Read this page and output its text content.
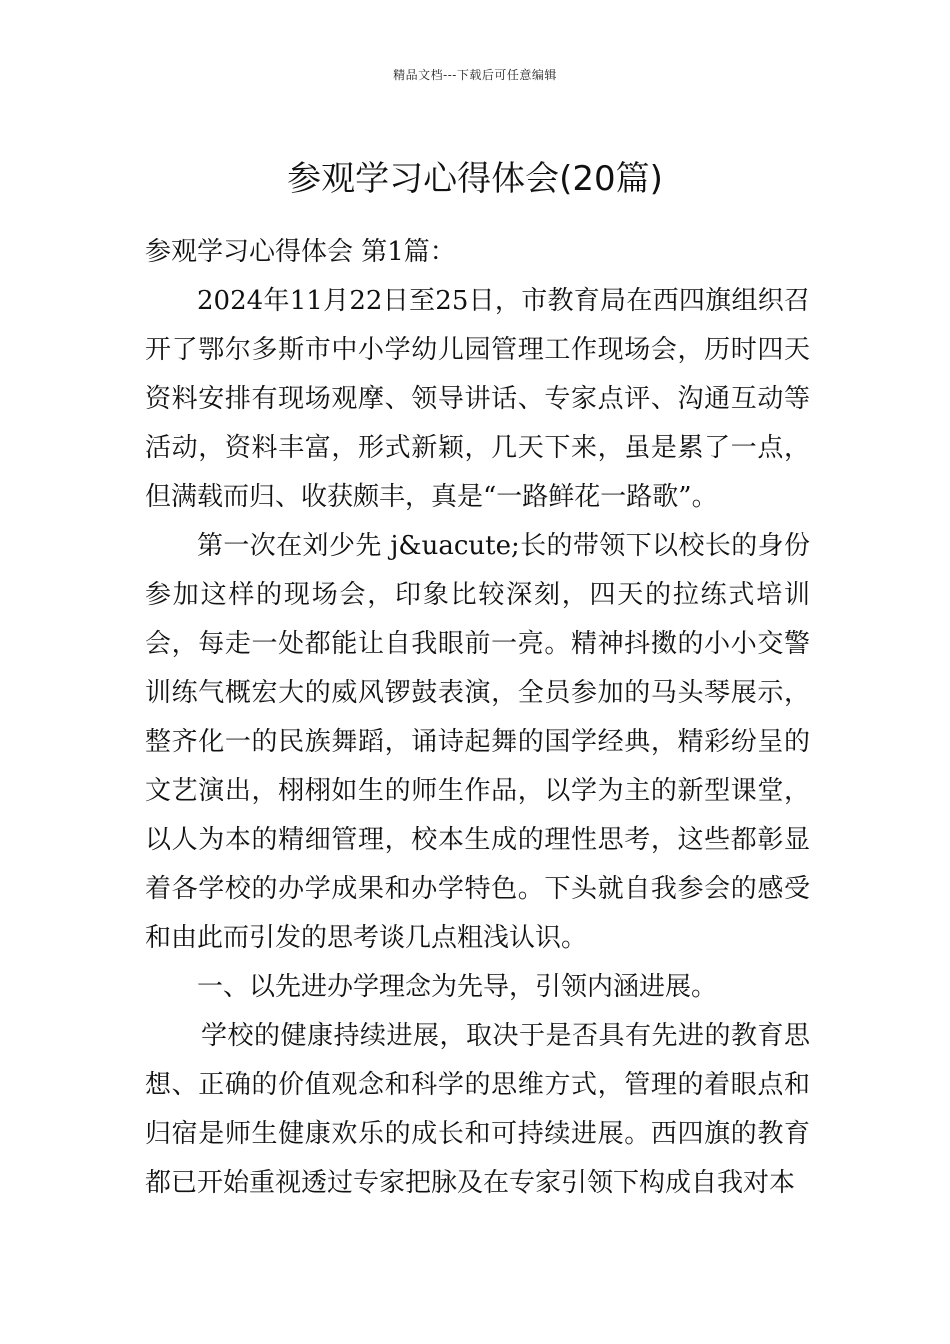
精品文档---下载后可任意编辑
参观学习心得体会(20篇)

参观学习心得体会 第1篇：

2024年11月22日至25日，市教育局在西四旗组织召开了鄂尔多斯市中小学幼儿园管理工作现场会，历时四天资料安排有现场观摩、领导讲话、专家点评、沟通互动等活动，资料丰富，形式新颖，几天下来，虽是累了一点，但满载而归、收获颇丰，真是“一路鲜花一路歌”。

第一次在刘少先 j&uacute;长的带领下以校长的身份参加这样的现场会，印象比较深刻，四天的拉练式培训会，每走一处都能让自我眼前一亮。精神抖擞的小小交警训练气概宏大的威风锣鼓表演，全员参加的马头琴展示，整齐化一的民族舞蹈，诵诗起舞的国学经典，精彩纷呈的文艺演出，栩栩如生的师生作品，以学为主的新型课堂，以人为本的精细管理，校本生成的理性思考，这些都彰显着各学校的办学成果和办学特色。下头就自我参会的感受和由此而引发的思考谈几点粗浅认识。

一、以先进办学理念为先导，引领内涵进展。

学校的健康持续进展，取决于是否具有先进的教育思想、正确的价值观念和科学的思维方式，管理的着眼点和归宿是师生健康欢乐的成长和可持续进展。西四旗的教育都已开始重视透过专家把脉及在专家引领下构成自我对本
